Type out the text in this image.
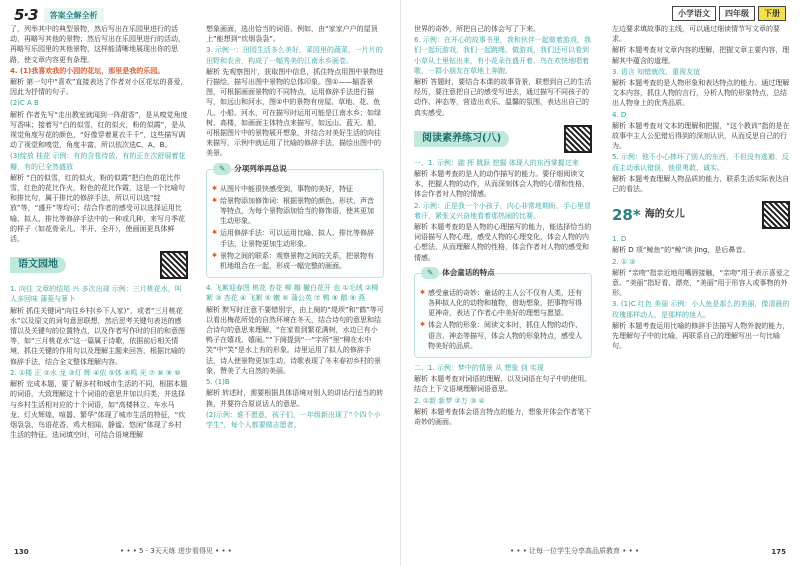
5·3	答案全解全析

了，列举其中的典型景物，然后写出在乐园里进行的活动，再略写其他的景物；然后写出在乐园里进行的活动，再略写乐园里的其他景物，这样能清晰地展现出你的思路，使文章内容更有条理。

4. (1)我喜欢我的小园的花坛，那里是我的乐园。

解析 第一句中“喜欢”直接表达了作者对小区花坛的喜爱，因此为抒情的句子。

(2)C A B

解析 作者先写“走出教室就闻到一阵甜香”，是从嗅觉角度写香味；接着写“白的似雪，红的似火，粉的似霞”，是从视觉角度写花的颜色，“好像穿着夏衣千千”，这些描写调动了视觉和嗅觉，角度丰富，所以依次选C、A、B。

(3)绽放 桂花 示例：有的含苞待放，有的正在次舒展着花瓣，有的已全然盛放

解析 “白的似雪，红的似火，粉的似霞”把白色的花比作雪，红色的花比作火，粉色的花比作霞，这是一个比喻句和排比句，属于排比的修辞手法，所以可以选“绽放”等，“盛开”等均可；结合作者的感受可以选择运用比喻、拟人、排比等修辞手法中的一种或几种，来写月季花的样子（如花骨朵儿、半开、全开），使画面更具体鲜活。

语文园地

1. 向往 文章的结尾 兴 多次出现 示例：三月桃花水，叫人多回味 蒲菱与萝卜

解析 抓住关键词“向往乡村(乡下人家)”，或者“三月桃花水”以及原文的词句意思联想，然后思考关键句表达的感情以及关键句的位置特点，以及作者写作时的目的和意图等，如“三月桃花水”这一篇属于诗歌，依据前后相关情境，抓住关键的作用句以及理解主题来回答，根据比喻的修辞手法，结合全文整体理解内容。

2. ①楼 正 ②水 龙 ③灯 辉 ④依 ⑤体 ⑥鸣 光 ⑦ ⑧ ⑨ ⑩

解析 完成本题，要了解多村和城市生活的不同，根据本题的词语，大致理解这十个词语的意思并加以归类，并选择与乡村生活相对应的十个词语，如“高楼林立、车水马龙、灯火辉煌、喧嚣、繁华”体现了城市生活的特征，“炊烟袅袅、鸟语花香、鸡犬相闻、静谧、悠闲”体现了乡村生活的特征。选词填空时，可结合语境理解

想象画面，选出恰当的词语。例如，由“家家户户的屋顶上”能想到“炊烟袅袅”。

3. 示例一：田园生活多么美好，菜园里的蔬菜，一片片的田野和农舍，构成了一幅秀美的江南水乡画卷。

解析 先观察图片，获取图中信息，抓住特点用图中景物进行描绘，描写出图中景物的总体印象。图①——辐香景图，可根据画面景物的不同特点，运用修辞手法进行描写，如远山和河水，图②中的景物有房屋、草地、花、鱼儿、小船、河水，可在描写时运用可能是江南水乡；如绿树、高楼，如画面主体特点来描写，如远山、蓝天、船，可根据图片中的景物展开想象，并结合对美好生活的向往来描写，示例中就运用了比喻的修辞手法，描绘出图中的美景。

✎	分项列举再总说
✱ 从图片中能很快感受到，事物的美好，特征
✱ 给景物添加修饰词：根据景物的颜色、形状、声音等特点，为每个景物添加恰当的修饰语，使其更加生动形象。
✱ 运用修辞手法：可以运用比喻、拟人、排比等修辞手法，让景物更加生动形象。
✱ 景物之间的联系：观察景物之间的关系，把景物有机地组合在一起，形成一幅完整的画面。

4. 飞絮迎春图 桃花 杏花 柳 瓣 撇白花开 也 ①毛绒 ②柳絮 ③ 杏花 ④ 飞絮 ⑤ 嫩 ⑥ 蒲公英 ⑦ 鸭 ⑧ 鹅 ⑨ 燕

解析 默写时注意不要错别字，由上阕的“堤坝”和“鹤”等可以看出梅花所处的自然环境在冬天，结合诗句的意思和结合诗句的意思来理解，“在家看到繁花满树，水边已有小鸭子在嬉戏、嬉闹。”“下阕提到“一”字所”里“柳在水中笑”中“笑”是水上有的形象。诗里运用了拟人的修辞手法，诗人使景物更加生动，诗歌表现了冬末春初乡村的景象，赞美了大自然的美丽。

5. (1)B

解析 转述时，需要根据具体语境对别人的讲话行适当的转换，并要符合原说话人的意思。

(2)示例：谁不愿意，孩子们，一年级新出现了“个四个小学生”，每个人都要做志愿者。

130	• • • 5 · 3天天练 进步看得见 • • •
小学语文	四年级	下册

世界的奇妙，所把自己的体会写了下来。

6. 示例：在开心的故事书里，我和伙伴一起做着游戏，我们一起玩游戏，我们一起跳绳、做游戏，我们还可以看到小草从土里钻出来，有小花朵在盛开着、鸟在欢快地唱着歌，一群小朋友在草地上奔跑。

解析 答题时，要结合本课的故事背景，联想到自己的生活经历，要注意把自己的感受写进去，通过描写不同孩子的动作、神态等，营造出欢乐、温馨的氛围，表达出自己的真实感受。

阅读素养练习(八)

一、1. 示例：踮 挥 跳跃 挖掘 体现人的东西掌握过来

解析 本题考查的是人的动作描写的能力。要仔细阅读文本，把握人物的动作，从而深刻体会人物的心情和性格，体会作者对人物的情感。

2. 示例：正是我一个小孩子，内心非常地期盼，手心里冒着汗，紧张又兴奋地看着那热闹的比赛。

解析 本题考查的是人物的心理描写的能力，能选择恰当的词语描写人物心理，感受人物的心理变化，体会人物的内心想法，从而理解人物的性格，体会作者对人物的感受和情感。

✎	体会童话的特点
✱ 感受童话的奇妙：童话的主人公不仅有人类，还有各种拟人化的动物和植物，借助想象，把事物写得更神奇，表达了作者心中美好的理想与愿望。
✱ 体会人物的形象：阅读文本时，抓住人物的动作、语言、神态等描写，体会人物的形象特点，感受人物美好的品质。

二、1. 示例：梦中的情景 从 想象 到 实现

解析 本题考查对词语的理解，以及词语在句子中的使用。结合上下文语境理解词语意思。

2. ①新 新梦 ②万 ③ ④

解析 本题考查体会语言特点的能力，想象并体会作者笔下奇妙的画面。

左边要求填故事的主线，可以通过细读情节写文章的要求。

解析 本题考查对文章内容的理解，把握文章主要内容，理解其中蕴含的道理。

3. 语言 知错就改、重视友谊

解析 本题考查的是人物形象和表达特点的能力。通过理解文本内容，抓住人物的言行，分析人物的形象特点，总结出人物身上的优秀品质。

4. D

解析 本题考查对文本的理解和把握，“这个教训”指的是在故事中主人公犯错后得到的深刻认识，从而反思自己的行为。

5. 示例：他不小心摔坏了别人的东西，不但没有逃避，反而主动承认错误，他很勇敢、诚实。

解析 本题考查理解人物品质的能力，联系生活实际表达自己的看法。

28* 海的女儿

1. D

解析 D 项“鲸鱼”的“鲸”读 jīng，是后鼻音。

2. ① ②

解析 “亲吻”指亲近地用嘴唇接触，“亲吻”用于表示喜爱之意。“美丽”指好看、漂亮，“美丽”用于形容人或事物的外形。

3. (1)C 红色 美丽 示例：小人鱼是那么的美丽，像清晨的玫瑰那样动人，是那样的迷人。

解析 本题考查运用比喻的修辞手法描写人物外貌的能力，先理解句子中的比喻，再联系自己的理解写出一句比喻句。

• • • 让每一位学生分享高品质教育 • • •	175
